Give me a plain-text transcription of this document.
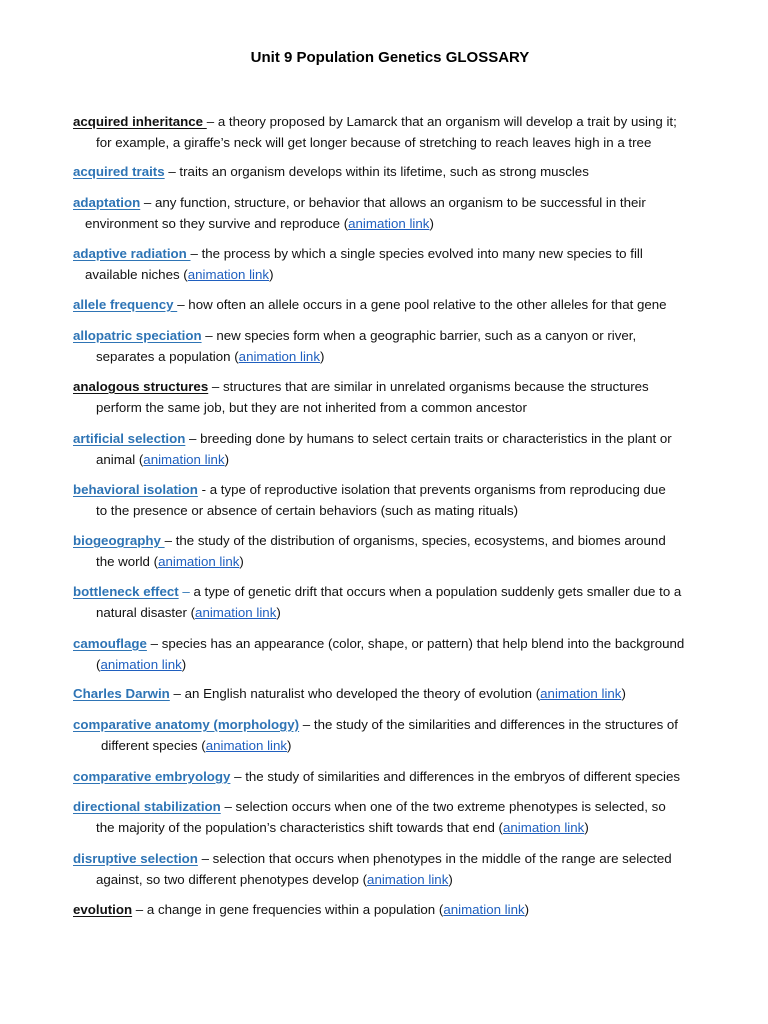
Unit 9 Population Genetics GLOSSARY
acquired inheritance – a theory proposed by Lamarck that an organism will develop a trait by using it;
for example, a giraffe’s neck will get longer because of stretching to reach leaves high in a tree
acquired traits – traits an organism develops within its lifetime, such as strong muscles
adaptation – any function, structure, or behavior that allows an organism to be successful in their
environment so they survive and reproduce (animation link)
adaptive radiation – the process by which a single species evolved into many new species to fill
available niches (animation link)
allele frequency – how often an allele occurs in a gene pool relative to the other alleles for that gene
allopatric speciation – new species form when a geographic barrier, such as a canyon or river,
separates a population (animation link)
analogous structures – structures that are similar in unrelated organisms because the structures
perform the same job, but they are not inherited from a common ancestor
artificial selection – breeding done by humans to select certain traits or characteristics in the plant or
animal (animation link)
behavioral isolation - a type of reproductive isolation that prevents organisms from reproducing due
to the presence or absence of certain behaviors (such as mating rituals)
biogeography – the study of the distribution of organisms, species, ecosystems, and biomes around
the world (animation link)
bottleneck effect – a type of genetic drift that occurs when a population suddenly gets smaller due to a
natural disaster (animation link)
camouflage – species has an appearance (color, shape, or pattern) that help blend into the background
(animation link)
Charles Darwin – an English naturalist who developed the theory of evolution (animation link)
comparative anatomy (morphology) – the study of the similarities and differences in the structures of
different species (animation link)
comparative embryology – the study of similarities and differences in the embryos of different species
directional stabilization – selection occurs when one of the two extreme phenotypes is selected, so
the majority of the population’s characteristics shift towards that end (animation link)
disruptive selection – selection that occurs when phenotypes in the middle of the range are selected
against, so two different phenotypes develop (animation link)
evolution – a change in gene frequencies within a population (animation link)
